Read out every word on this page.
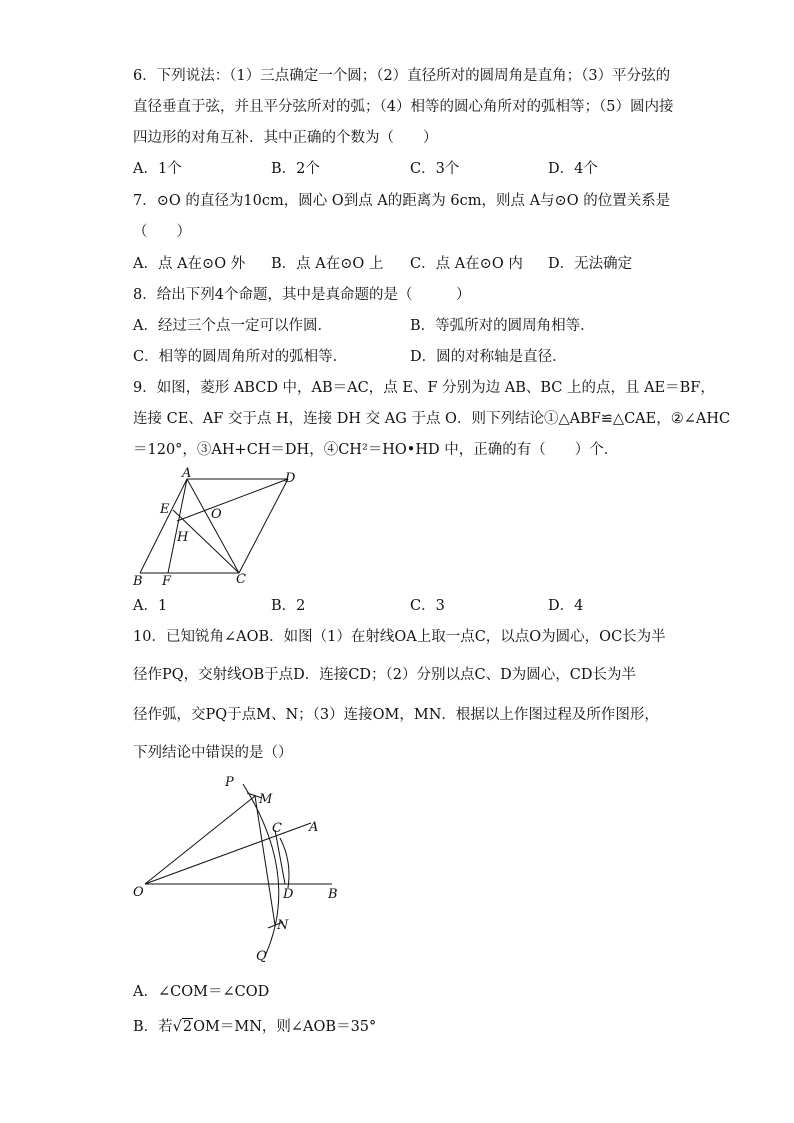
6．下列说法：（1）三点确定一个圆；（2）直径所对的圆周角是直角；（3）平分弦的
直径垂直于弦，并且平分弦所对的弧；（4）相等的圆心角所对的弧相等；（5）圆内接
四边形的对角互补．其中正确的个数为（　　）
A．1个	B．2个	C．3个	D．4个
7．⊙O 的直径为10cm，圆心 O到点 A的距离为 6cm，则点 A与⊙O 的位置关系是
（　　）
A．点 A在⊙O 外 B．点 A在⊙O 上 C．点 A在⊙O 内 D．无法确定
8．给出下列4个命题，其中是真命题的是（　　　）
A．经过三个点一定可以作圆．	B．等弧所对的圆周角相等．
C．相等的圆周角所对的弧相等．	D．圆的对称轴是直径．
9．如图，菱形 ABCD 中，AB＝AC，点 E、F 分别为边 AB、BC 上的点，且 AE＝BF，
连接 CE、AF 交于点 H，连接 DH 交 AG 于点 O．则下列结论①△ABF≌△CAE，②∠AHC
＝120°，③AH+CH＝DH，④CH²＝HO•HD 中，正确的有（　　）个．
A	D
E	O
H
B F	C
A．1	B．2	C．3	D．4
10．已知锐角∠AOB．如图（1）在射线OA上取一点C，以点O为圆心，OC长为半
径作PQ，交射线OB于点D．连接CD；（2）分别以点C、D为圆心，CD长为半
径作弧，交PQ于点M、N；（3）连接OM，MN．根据以上作图过程及所作图形，
下列结论中错误的是（）
P
M
C A
O	D	B
N
Q
A．∠COM＝∠COD
B．若√2OM＝MN，则∠AOB＝35°
